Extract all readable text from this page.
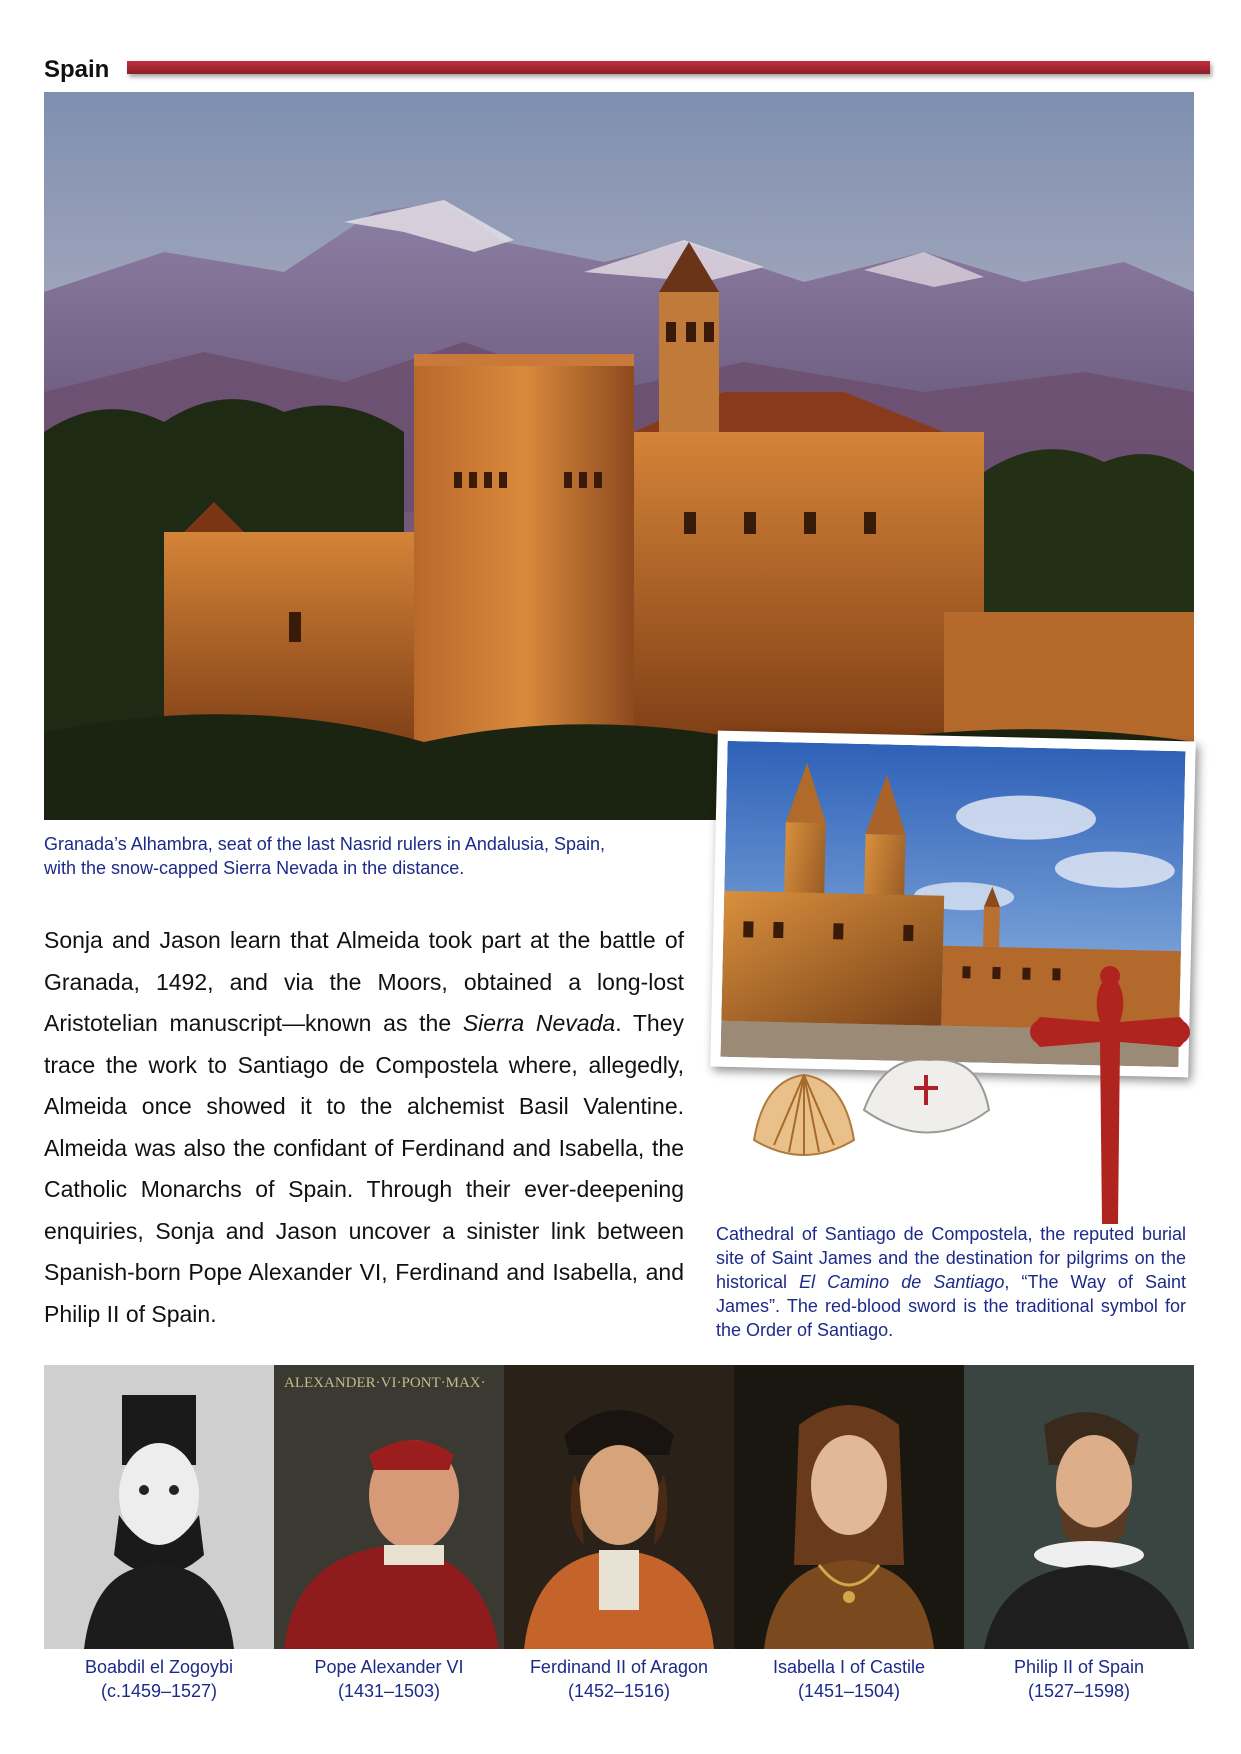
Spain
Granada’s Alhambra, seat of the last Nasrid rulers in Andalusia, Spain,
with the snow-capped Sierra Nevada in the distance.
Sonja and Jason learn that Almeida took part at the battle of Granada, 1492, and via the Moors, obtained a long-lost Aristotelian manuscript—known as the Sierra Nevada. They trace the work to Santiago de Compostela where, allegedly, Almeida once showed it to the alchemist Basil Valentine. Almeida was also the confidant of Ferdinand and Isabella, the Catholic Monarchs of Spain. Through their ever-deepening enquiries, Sonja and Jason uncover a sinister link between Spanish-born Pope Alexander VI, Ferdinand and Isabella, and Philip II of Spain.
Cathedral of Santiago de Compostela, the reputed burial site of Saint James and the destination for pilgrims on the historical El Camino de Santiago, “The Way of Saint James”. The red-blood sword is the traditional symbol for the Order of Santiago.
ALEXANDER·VI·PONT·MAX·
Boabdil el Zogoybi
(c.1459–1527)
Pope Alexander VI
(1431–1503)
Ferdinand II of Aragon
(1452–1516)
Isabella I of Castile
(1451–1504)
Philip II of Spain
(1527–1598)
